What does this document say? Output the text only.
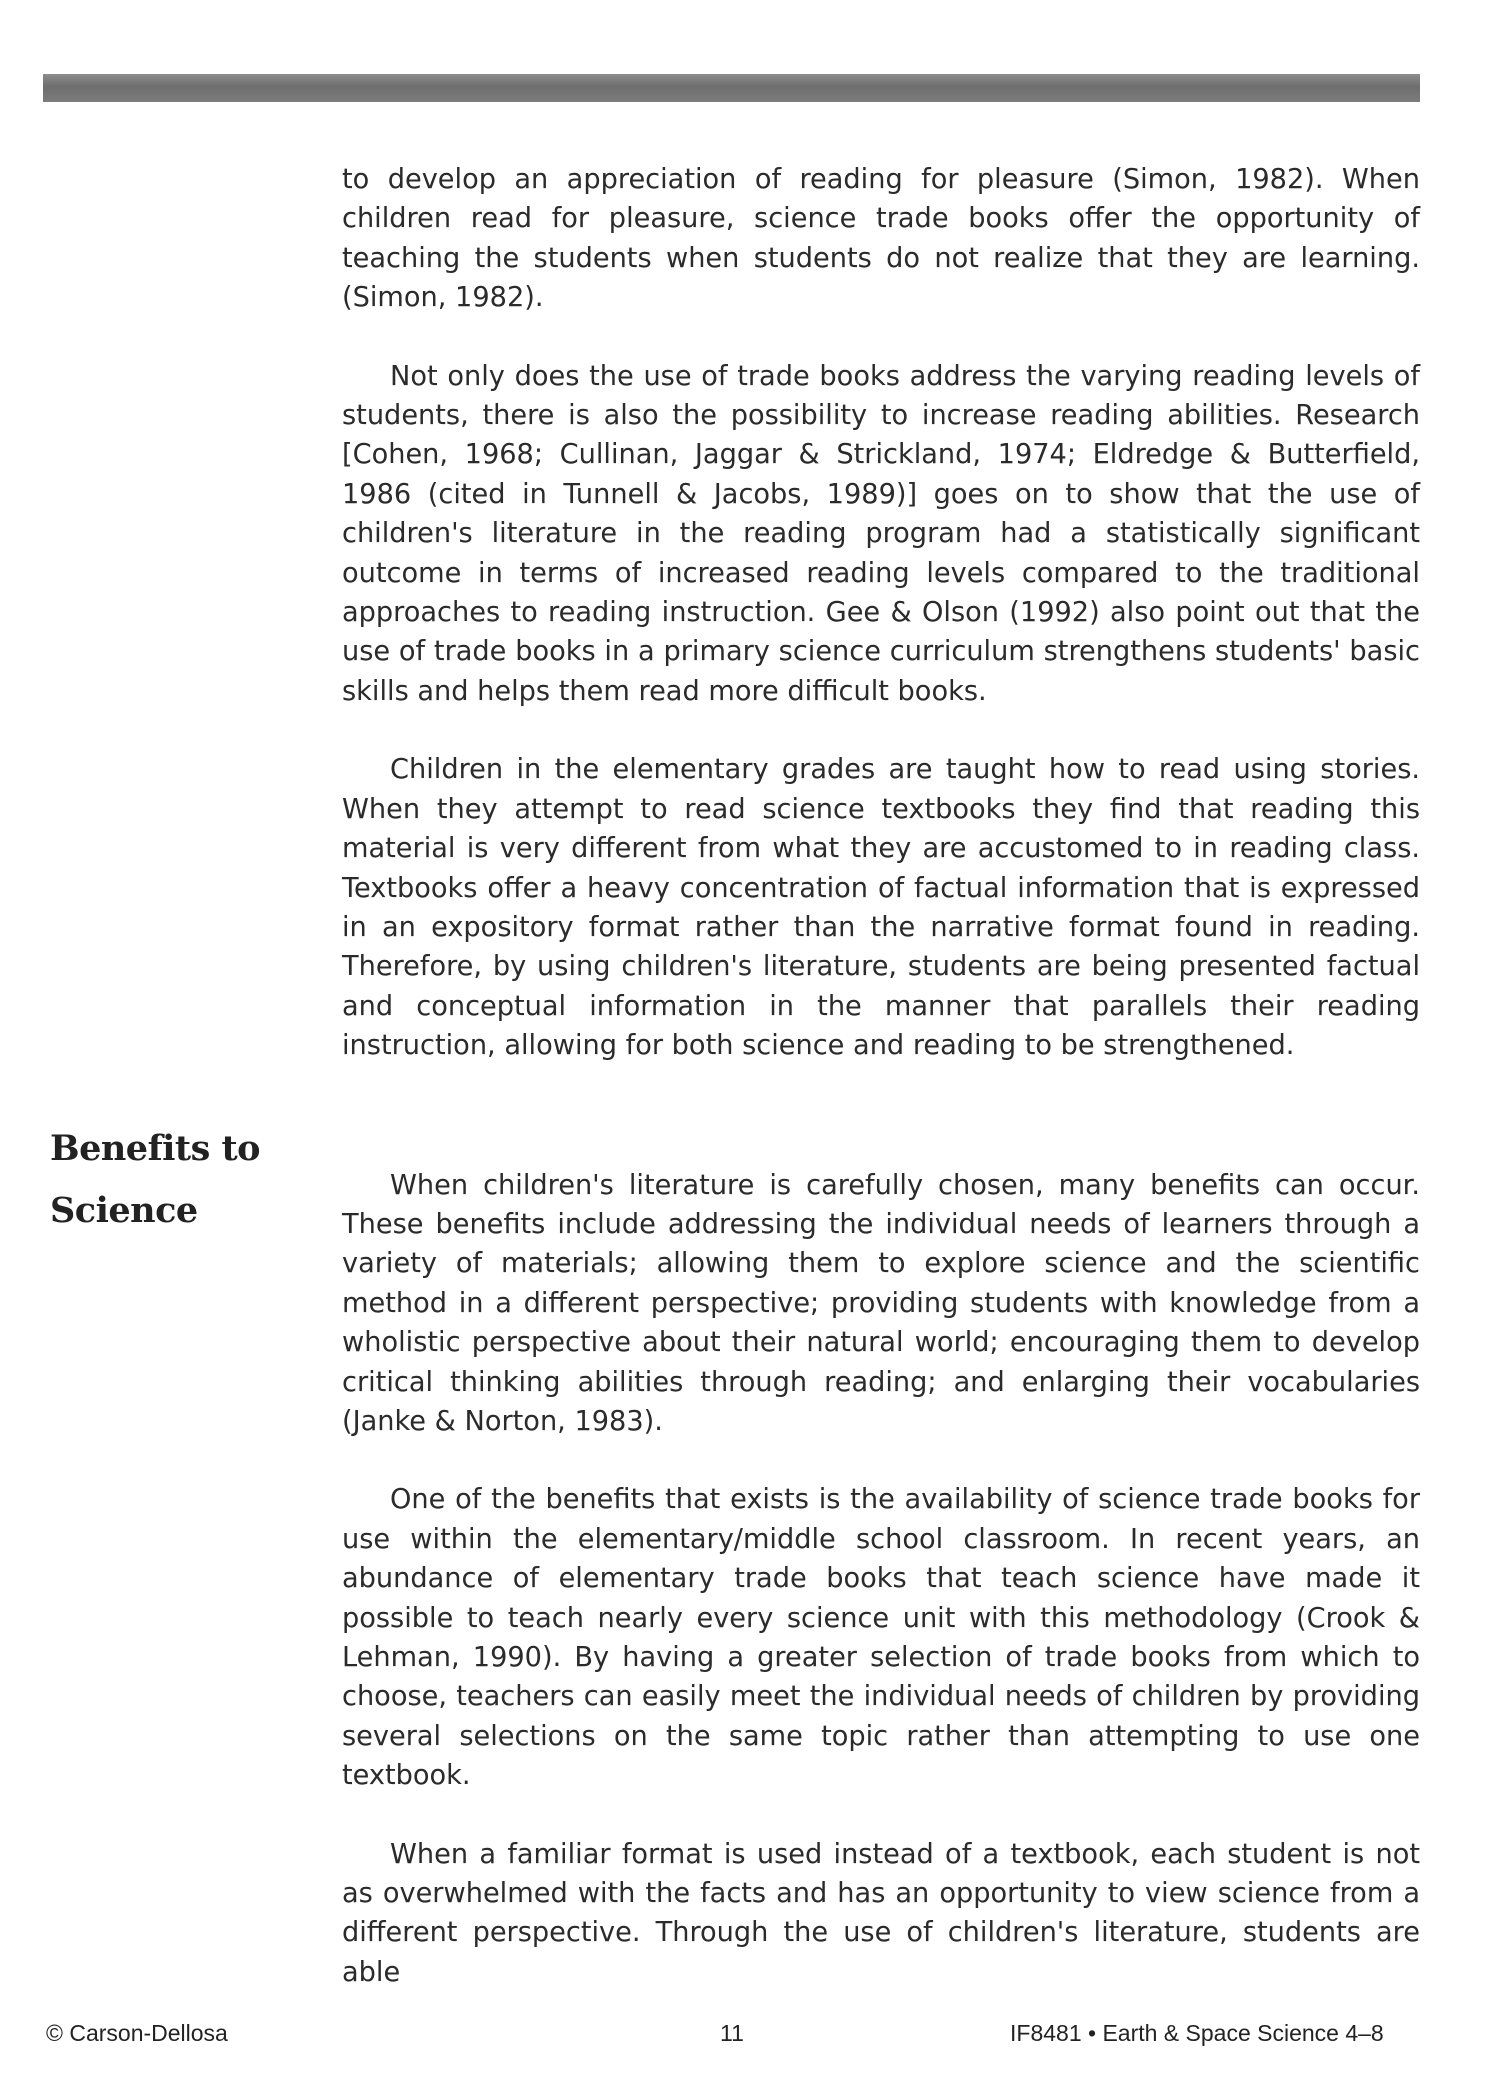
Benefits to
Science

to develop an appreciation of reading for pleasure (Simon, 1982). When children read for pleasure, science trade books offer the opportunity of teaching the students when students do not realize that they are learning. (Simon, 1982).

Not only does the use of trade books address the varying reading levels of students, there is also the possibility to increase reading abilities. Research [Cohen, 1968; Cullinan, Jaggar & Strickland, 1974; Eldredge & Butterfield, 1986 (cited in Tunnell & Jacobs, 1989)] goes on to show that the use of children's literature in the reading program had a statistically significant outcome in terms of increased reading levels compared to the traditional approaches to reading instruction. Gee & Olson (1992) also point out that the use of trade books in a primary science curriculum strengthens students' basic skills and helps them read more difficult books.

Children in the elementary grades are taught how to read using stories. When they attempt to read science textbooks they find that reading this material is very different from what they are accustomed to in reading class. Textbooks offer a heavy concentration of factual information that is expressed in an expository format rather than the narrative format found in reading. Therefore, by using children's literature, students are being presented factual and conceptual information in the manner that parallels their reading instruction, allowing for both science and reading to be strengthened.

When children's literature is carefully chosen, many benefits can occur. These benefits include addressing the individual needs of learners through a variety of materials; allowing them to explore science and the scientific method in a different perspective; providing students with knowledge from a wholistic perspective about their natural world; encouraging them to develop critical thinking abilities through reading; and enlarging their vocabularies (Janke & Norton, 1983).

One of the benefits that exists is the availability of science trade books for use within the elementary/middle school classroom. In recent years, an abundance of elementary trade books that teach science have made it possible to teach nearly every science unit with this methodology (Crook & Lehman, 1990). By having a greater selection of trade books from which to choose, teachers can easily meet the individual needs of children by providing several selections on the same topic rather than attempting to use one textbook.

When a familiar format is used instead of a textbook, each student is not as overwhelmed with the facts and has an opportunity to view science from a different perspective. Through the use of children's literature, students are able

© Carson-Dellosa	11	IF8481 • Earth & Space Science 4–8
